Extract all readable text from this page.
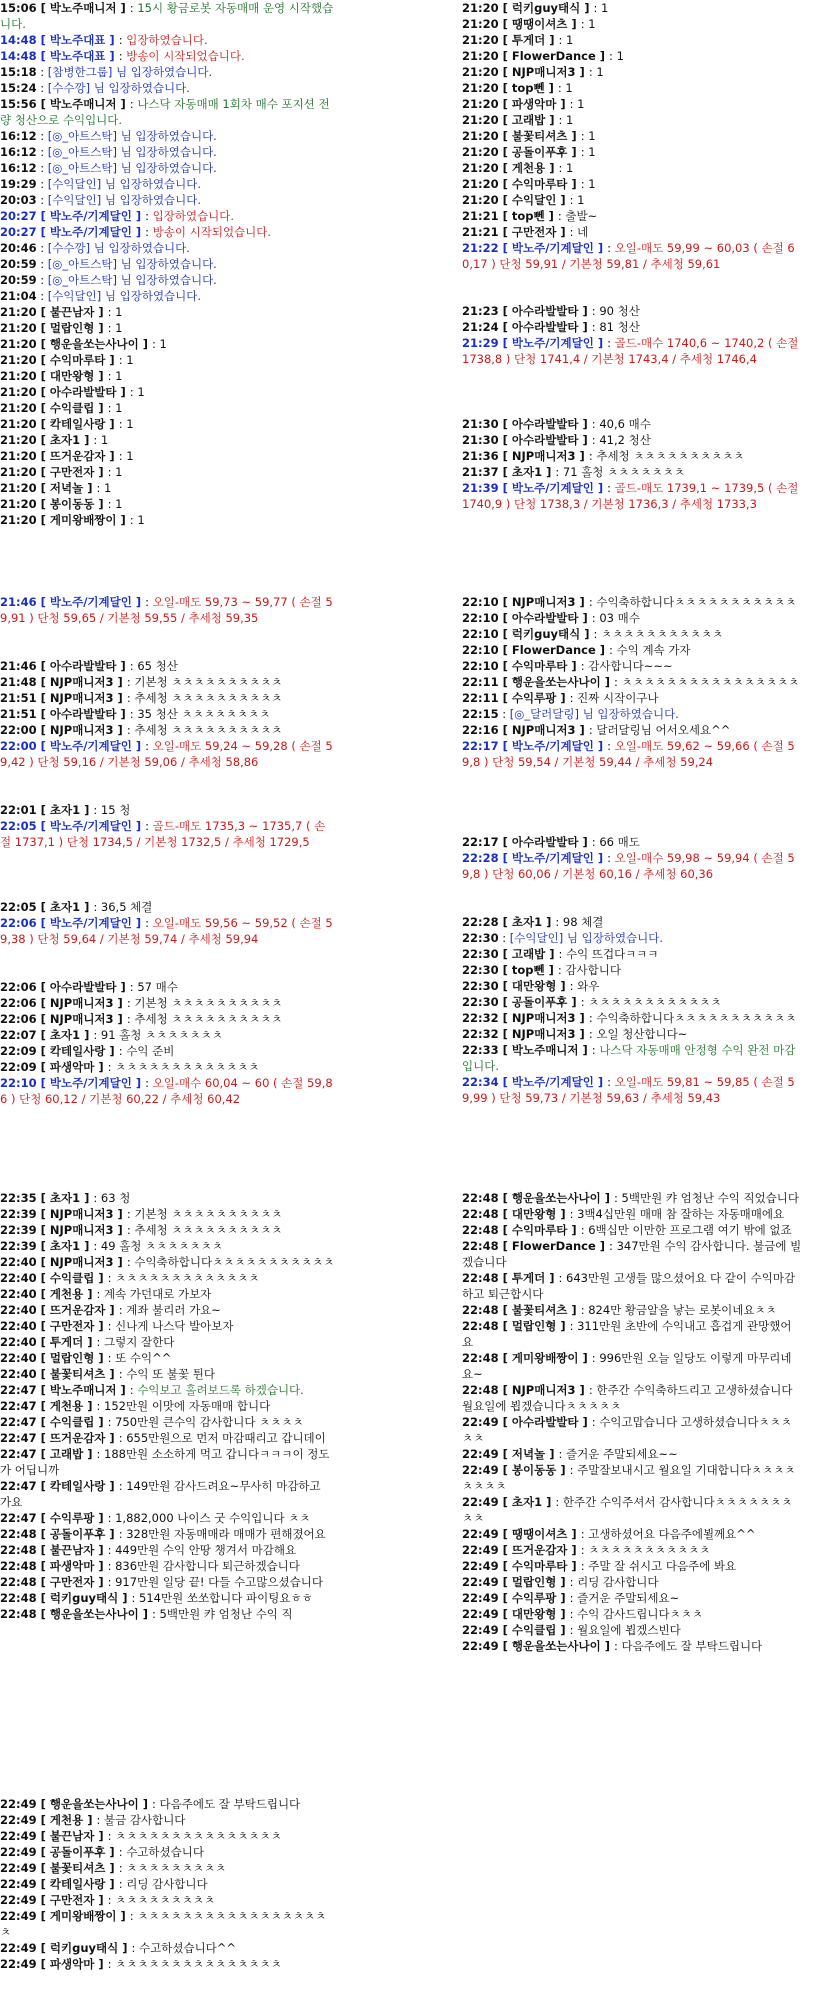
15:06 [ 박노주매니저 ] : 15시 황금로봇 자동매매 운영 시작했습니다.
14:48 [ 박노주대표 ] : 입장하였습니다.
14:48 [ 박노주대표 ] : 방송이 시작되었습니다.
15:18 : [참병한그룹] 님 입장하였습니다.
15:24 : [수수깡] 님 입장하였습니다.
15:56 [ 박노주매니저 ] : 나스닥 자동매매 1회차 매수 포지션 전량 청산으로 수익입니다.
16:12 : [◎_아트스탁] 님 입장하였습니다.
16:12 : [◎_아트스탁] 님 입장하였습니다.
16:12 : [◎_아트스탁] 님 입장하였습니다.
19:29 : [수익달인] 님 입장하였습니다.
20:03 : [수익달인] 님 입장하였습니다.
20:27 [ 박노주/기계달인 ] : 입장하였습니다.
20:27 [ 박노주/기계달인 ] : 방송이 시작되었습니다.
20:46 : [수수깡] 님 입장하였습니다.
20:59 : [◎_아트스탁] 님 입장하였습니다.
20:59 : [◎_아트스탁] 님 입장하였습니다.
21:04 : [수익달인] 님 입장하였습니다.
21:20 [ 불끈남자 ] : 1
21:20 [ 멀랍인형 ] : 1
21:20 [ 행운을쏘는사나이 ] : 1
21:20 [ 수익마루타 ] : 1
21:20 [ 대만왕형 ] : 1
21:20 [ 아수라발발타 ] : 1
21:20 [ 수익클립 ] : 1
21:20 [ 칵테일사랑 ] : 1
21:20 [ 초자1 ] : 1
21:20 [ 뜨거운감자 ] : 1
21:20 [ 구만전자 ] : 1
21:20 [ 저녁놀 ] : 1
21:20 [ 봉이동동 ] : 1
21:20 [ 게미왕배짱이 ] : 1
21:20 [ 럭키guy태식 ] : 1
21:20 [ 땡땡이셔츠 ] : 1
21:20 [ 투게더 ] : 1
21:20 [ FlowerDance ] : 1
21:20 [ NJP매니저3 ] : 1
21:20 [ top뻰 ] : 1
21:20 [ 파생악마 ] : 1
21:20 [ 고래밥 ] : 1
21:20 [ 불꽃티셔츠 ] : 1
21:20 [ 공돌이푸후 ] : 1
21:20 [ 게천용 ] : 1
21:20 [ 수익마루타 ] : 1
21:20 [ 수익달인 ] : 1
21:21 [ top뻰 ] : 출발~
21:21 [ 구만전자 ] : 네
21:22 [ 박노주/기계달인 ] : 오일-매도 59,99 ~ 60,03 ( 손절 60,17 ) 단청 59,91 / 기본청 59,81 / 추세청 59,61
21:23 [ 아수라발발타 ] : 90 청산
21:24 [ 아수라발발타 ] : 81 청산
21:29 [ 박노주/기계달인 ] : 골드-매수 1740,6 ~ 1740,2 ( 손절 1738,8 ) 단청 1741,4 / 기본청 1743,4 / 추세청 1746,4
21:30 [ 아수라발발타 ] : 40,6 매수
21:30 [ 아수라발발타 ] : 41,2 청산
21:36 [ NJP매니저3 ] : 추세청 ㅊㅊㅊㅊㅊㅊㅊㅊㅊㅊ
21:37 [ 초자1 ] : 71 홀청 ㅊㅊㅊㅊㅊㅊㅊ
21:39 [ 박노주/기계달인 ] : 골드-매도 1739,1 ~ 1739,5 ( 손절 1740,9 ) 단청 1738,3 / 기본청 1736,3 / 추세청 1733,3
21:46 [ 박노주/기계달인 ] : 오일-매도 59,73 ~ 59,77 ( 손절 59,91 ) 단청 59,65 / 기본청 59,55 / 추세청 59,35
21:46 [ 아수라발발타 ] : 65 청산
21:48 [ NJP매니저3 ] : 기본청 ㅊㅊㅊㅊㅊㅊㅊㅊㅊㅊ
21:51 [ NJP매니저3 ] : 추세청 ㅊㅊㅊㅊㅊㅊㅊㅊㅊㅊ
21:51 [ 아수라발발타 ] : 35 청산 ㅊㅊㅊㅊㅊㅊㅊㅊ
22:00 [ NJP매니저3 ] : 추세청 ㅊㅊㅊㅊㅊㅊㅊㅊㅊㅊ
22:00 [ 박노주/기계달인 ] : 오일-매도 59,24 ~ 59,28 ( 손절 59,42 ) 단청 59,16 / 기본청 59,06 / 추세청 58,86
22:01 [ 초자1 ] : 15 청
22:05 [ 박노주/기계달인 ] : 골드-매도 1735,3 ~ 1735,7 ( 손절 1737,1 ) 단청 1734,5 / 기본청 1732,5 / 추세청 1729,5
22:05 [ 초자1 ] : 36,5 체결
22:06 [ 박노주/기계달인 ] : 오일-매도 59,56 ~ 59,52 ( 손절 59,38 ) 단청 59,64 / 기본청 59,74 / 추세청 59,94
22:06 [ 아수라발발타 ] : 57 매수
22:06 [ NJP매니저3 ] : 기본청 ㅊㅊㅊㅊㅊㅊㅊㅊㅊㅊ
22:06 [ NJP매니저3 ] : 추세청 ㅊㅊㅊㅊㅊㅊㅊㅊㅊㅊ
22:07 [ 초자1 ] : 91 홀청 ㅊㅊㅊㅊㅊㅊㅊ
22:09 [ 칵테일사랑 ] : 수익 준비
22:09 [ 파생악마 ] : ㅊㅊㅊㅊㅊㅊㅊㅊㅊㅊㅊㅊㅊ
22:10 [ 박노주/기계달인 ] : 오일-매수 60,04 ~ 60 ( 손절 59,86 ) 단청 60,12 / 기본청 60,22 / 추세청 60,42
22:10 [ NJP매니저3 ] : 수익축하합니다ㅊㅊㅊㅊㅊㅊㅊㅊㅊㅊㅊ
22:10 [ 아수라발발타 ] : 03 매수
22:10 [ 럭키guy태식 ] : ㅊㅊㅊㅊㅊㅊㅊㅊㅊㅊㅊ
22:10 [ FlowerDance ] : 수익 계속 가자
22:10 [ 수익마루타 ] : 감사합니다~~~
22:11 [ 행운을쏘는사나이 ] : ㅊㅊㅊㅊㅊㅊㅊㅊㅊㅊㅊㅊㅊㅊㅊㅊ
22:11 [ 수익루팡 ] : 진짜 시작이구나
22:15 : [◎_달러달링] 님 입장하였습니다.
22:16 [ NJP매니저3 ] : 달러달링님 어서오세요^^
22:17 [ 박노주/기계달인 ] : 오일-매도 59,62 ~ 59,66 ( 손절 59,8 ) 단청 59,54 / 기본청 59,44 / 추세청 59,24
22:17 [ 아수라발발타 ] : 66 매도
22:28 [ 박노주/기계달인 ] : 오일-매수 59,98 ~ 59,94 ( 손절 59,8 ) 단청 60,06 / 기본청 60,16 / 추세청 60,36
22:28 [ 초자1 ] : 98 체결
22:30 : [수익달인] 님 입장하였습니다.
22:30 [ 고래밥 ] : 수익 뜨겁다ㅋㅋㅋ
22:30 [ top뻰 ] : 감사합니다
22:30 [ 대만왕형 ] : 와우
22:30 [ 공돌이푸후 ] : ㅊㅊㅊㅊㅊㅊㅊㅊㅊㅊㅊㅊ
22:32 [ NJP매니저3 ] : 수익축하합니다ㅊㅊㅊㅊㅊㅊㅊㅊㅊㅊㅊ
22:32 [ NJP매니저3 ] : 오일 청산합니다~
22:33 [ 박노주매니저 ] : 나스닥 자동매매 안정형 수익 완전 마감입니다.
22:34 [ 박노주/기계달인 ] : 오일-매도 59,81 ~ 59,85 ( 손절 59,99 ) 단청 59,73 / 기본청 59,63 / 추세청 59,43
22:35 [ 초자1 ] : 63 청
22:39 [ NJP매니저3 ] : 기본청 ㅊㅊㅊㅊㅊㅊㅊㅊㅊㅊ
22:39 [ NJP매니저3 ] : 추세청 ㅊㅊㅊㅊㅊㅊㅊㅊㅊㅊ
22:39 [ 초자1 ] : 49 홀청 ㅊㅊㅊㅊㅊㅊㅊ
22:40 [ NJP매니저3 ] : 수익축하합니다ㅊㅊㅊㅊㅊㅊㅊㅊㅊㅊㅊ
22:40 [ 수익클립 ] : ㅊㅊㅊㅊㅊㅊㅊㅊㅊㅊㅊㅊㅊ
22:40 [ 게천용 ] : 계속 가던대로 가보자
22:40 [ 뜨거운감자 ] : 계좌 불리러 가요~
22:40 [ 구만전자 ] : 신나게 나스닥 발아보자
22:40 [ 투게더 ] : 그렇지 잘한다
22:40 [ 멀랍인형 ] : 또 수익^^
22:40 [ 불꽃티셔츠 ] : 수익 또 불꽃 튄다
22:47 [ 박노주매니저 ] : 수익보고 홀려보드록 하겠습니다.
22:47 [ 게천용 ] : 152만원 이맛에 자동매매 합니다
22:47 [ 수익클립 ] : 750만원 큰수익 감사합니다 ㅊㅊㅊㅊ
22:47 [ 뜨거운감자 ] : 655만원으로 먼저 마감때리고 갑니데이
22:47 [ 고래밥 ] : 188만원 소소하게 먹고 갑니다ㅋㅋㅋ이 정도가 어딥니까
22:47 [ 칵테일사랑 ] : 149만원 감사드려요~무사히 마감하고 가요
22:47 [ 수익루팡 ] : 1,882,000 나이스 굿 수익입니다 ㅊㅊ
22:48 [ 공돌이푸후 ] : 328만원 자동매매라 매매가 편해졌어요
22:48 [ 불끈남자 ] : 449만원 수익 안땅 챙겨서 마감해요
22:48 [ 파생악마 ] : 836만원 감사합니다 퇴근하겠습니다
22:48 [ 구만전자 ] : 917만원 일당 끝! 다들 수고많으셨습니다
22:48 [ 럭키guy태식 ] : 514만원 쏘쏘합니다 파이팅요ㅎㅎ
22:48 [ 행운을쏘는사나이 ] : 5백만원 캬 엄청난 수익 직
22:48 [ 행운을쏘는사나이 ] : 5백만원 캬 엄청난 수익 직었습니다
22:48 [ 대만왕형 ] : 3백4십만원 매매 참 잘하는 자동매매에요
22:48 [ 수익마루타 ] : 6백십만 이만한 프로그램 여기 밖에 없죠
22:48 [ FlowerDance ] : 347만원 수익 감사합니다. 불금에 빌겠습니다
22:48 [ 투게더 ] : 643만원 고생들 많으셨어요 다 같이 수익마감 하고 퇴근합시다
22:48 [ 불꽃티셔츠 ] : 824만 황금알을 낳는 로봇이네요ㅊㅊ
22:48 [ 멀랍인형 ] : 311만원 초반에 수익내고 흡겁게 관망했어요
22:48 [ 게미왕배짱이 ] : 996만원 오늘 일당도 이렇게 마무리네요~
22:48 [ NJP매니저3 ] : 한주간 수익축하드리고 고생하셨습니다 월요일에 뵙겠습니다ㅊㅊㅊㅊㅊ
22:49 [ 아수라발발타 ] : 수익고맙습니다 고생하셨습니다ㅊㅊㅊㅊㅊ
22:49 [ 저녁놀 ] : 즐거운 주말되세요~~
22:49 [ 봉이동동 ] : 주말잘보내시고 월요일 기대합니다ㅊㅊㅊㅊㅊㅊㅊㅊ
22:49 [ 초자1 ] : 한주간 수익주셔서 감사합니다ㅊㅊㅊㅊㅊㅊㅊㅊㅊ
22:49 [ 땡땡이셔츠 ] : 고생하셨어요 다음주에뵐께요^^
22:49 [ 뜨거운감자 ] : ㅊㅊㅊㅊㅊㅊㅊㅊㅊㅊㅊ
22:49 [ 수익마루타 ] : 주말 잘 쉬시고 다음주에 봐요
22:49 [ 멀랍인형 ] : 리딩 감사합니다
22:49 [ 수익루팡 ] : 즐거운 주말되세요~
22:49 [ 대만왕형 ] : 수익 감사드립니다ㅊㅊㅊ
22:49 [ 수익클립 ] : 월요일에 뵙겠스빈다
22:49 [ 행운을쏘는사나이 ] : 다음주에도 잘 부탁드립니다
22:49 [ 행운을쏘는사나이 ] : 다음주에도 잘 부탁드립니다
22:49 [ 게천용 ] : 불금 감사합니다
22:49 [ 불끈남자 ] : ㅊㅊㅊㅊㅊㅊㅊㅊㅊㅊㅊㅊㅊㅊㅊ
22:49 [ 공돌이푸후 ] : 수고하셨습니다
22:49 [ 불꽃티셔츠 ] : ㅊㅊㅊㅊㅊㅊㅊㅊㅊ
22:49 [ 칵테일사랑 ] : 리딩 감사합니다
22:49 [ 구만전자 ] : ㅊㅊㅊㅊㅊㅊㅊㅊㅊ
22:49 [ 게미왕배짱이 ] : ㅊㅊㅊㅊㅊㅊㅊㅊㅊㅊㅊㅊㅊㅊㅊㅊㅊㅊ
22:49 [ 럭키guy태식 ] : 수고하셨습니다^^
22:49 [ 파생악마 ] : ㅊㅊㅊㅊㅊㅊㅊㅊㅊㅊㅊㅊㅊㅊㅊ
